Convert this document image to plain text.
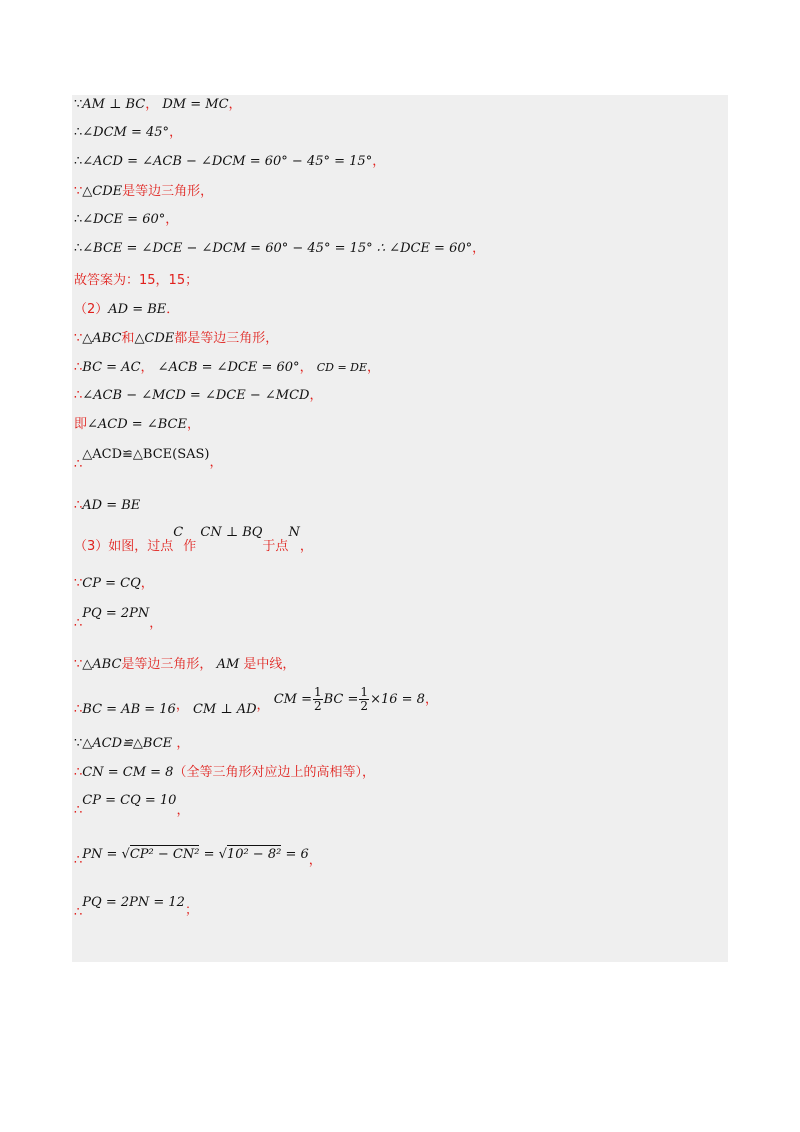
∵AM ⊥ BC， DM = MC，
∴∠DCM = 45°，
∴∠ACD = ∠ACB − ∠DCM = 60° − 45° = 15°，
∵△CDE是等边三角形，
∴∠DCE = 60°，
∴∠BCE = ∠DCE − ∠DCM = 60° − 45° = 15° ∴ ∠DCE = 60°，
故答案为：15，15；
（2）AD = BE．
∵△ABC和△CDE都是等边三角形，
∴BC = AC， ∠ACB = ∠DCE = 60°， CD = DE，
∴∠ACB − ∠MCD = ∠DCE − ∠MCD，
即∠ACD = ∠BCE，
∴△ACD≌△BCE(SAS)，
∴AD = BE
（3）如图，过点C作 CN ⊥ BQ于点N，
∵CP = CQ，
∴PQ = 2PN，
∵△ABC是等边三角形， AM 是中线，
∴BC = AB = 16， CM ⊥ AD， CM = $\frac{1}{2}$ BC = $\frac{1}{2} \times 16 = 8$，
∵△ACD≌△BCE ，
∴CN = CM = 8（全等三角形对应边上的高相等），
∴CP = CQ = 10，
∴PN = √CP² − CN² = √10² − 8² = 6，
∴PQ = 2PN = 12；
